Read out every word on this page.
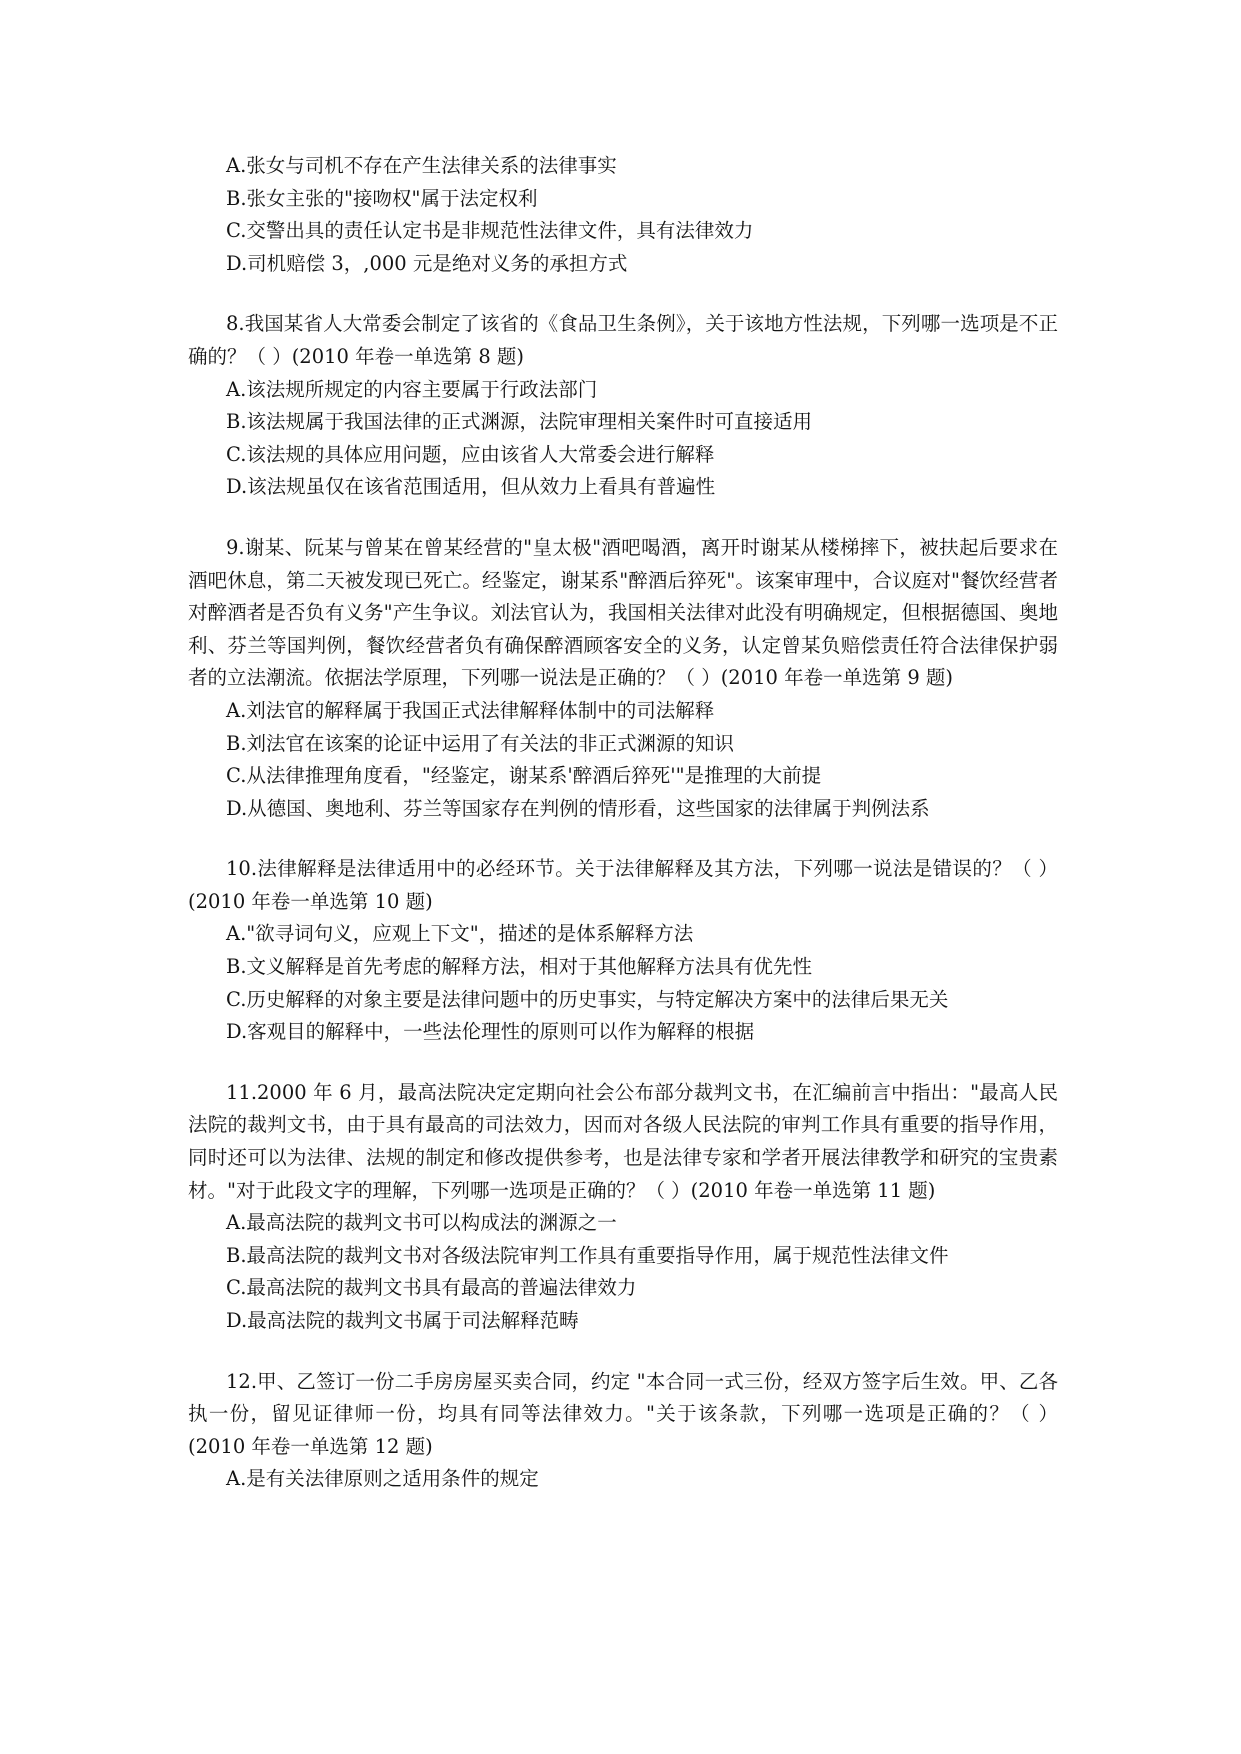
A.张女与司机不存在产生法律关系的法律事实

B.张女主张的"接吻权"属于法定权利

C.交警出具的责任认定书是非规范性法律文件，具有法律效力

D.司机赔偿 3，,000 元是绝对义务的承担方式

8.我国某省人大常委会制定了该省的《食品卫生条例》，关于该地方性法规，下列哪一选项是不正确的？（ ）(2010 年卷一单选第 8 题)

A.该法规所规定的内容主要属于行政法部门

B.该法规属于我国法律的正式渊源，法院审理相关案件时可直接适用

C.该法规的具体应用问题，应由该省人大常委会进行解释

D.该法规虽仅在该省范围适用，但从效力上看具有普遍性

9.谢某、阮某与曾某在曾某经营的"皇太极"酒吧喝酒，离开时谢某从楼梯摔下，被扶起后要求在酒吧休息，第二天被发现已死亡。经鉴定，谢某系"醉酒后猝死"。该案审理中，合议庭对"餐饮经营者对醉酒者是否负有义务"产生争议。刘法官认为，我国相关法律对此没有明确规定，但根据德国、奥地利、芬兰等国判例，餐饮经营者负有确保醉酒顾客安全的义务，认定曾某负赔偿责任符合法律保护弱者的立法潮流。依据法学原理，下列哪一说法是正确的？（ ）(2010 年卷一单选第 9 题)

A.刘法官的解释属于我国正式法律解释体制中的司法解释

B.刘法官在该案的论证中运用了有关法的非正式渊源的知识

C.从法律推理角度看，"经鉴定，谢某系'醉酒后猝死'"是推理的大前提

D.从德国、奥地利、芬兰等国家存在判例的情形看，这些国家的法律属于判例法系

10.法律解释是法律适用中的必经环节。关于法律解释及其方法，下列哪一说法是错误的？（ ）(2010 年卷一单选第 10 题)

A."欲寻词句义，应观上下文"，描述的是体系解释方法

B.文义解释是首先考虑的解释方法，相对于其他解释方法具有优先性

C.历史解释的对象主要是法律问题中的历史事实，与特定解决方案中的法律后果无关

D.客观目的解释中，一些法伦理性的原则可以作为解释的根据

11.2000 年 6 月，最高法院决定定期向社会公布部分裁判文书，在汇编前言中指出："最高人民法院的裁判文书，由于具有最高的司法效力，因而对各级人民法院的审判工作具有重要的指导作用，同时还可以为法律、法规的制定和修改提供参考，也是法律专家和学者开展法律教学和研究的宝贵素材。"对于此段文字的理解，下列哪一选项是正确的？（ ）(2010 年卷一单选第 11 题)

A.最高法院的裁判文书可以构成法的渊源之一

B.最高法院的裁判文书对各级法院审判工作具有重要指导作用，属于规范性法律文件

C.最高法院的裁判文书具有最高的普遍法律效力

D.最高法院的裁判文书属于司法解释范畴

12.甲、乙签订一份二手房房屋买卖合同，约定 "本合同一式三份，经双方签字后生效。甲、乙各执一份，留见证律师一份，均具有同等法律效力。"关于该条款，下列哪一选项是正确的？（ ）(2010 年卷一单选第 12 题)

A.是有关法律原则之适用条件的规定
